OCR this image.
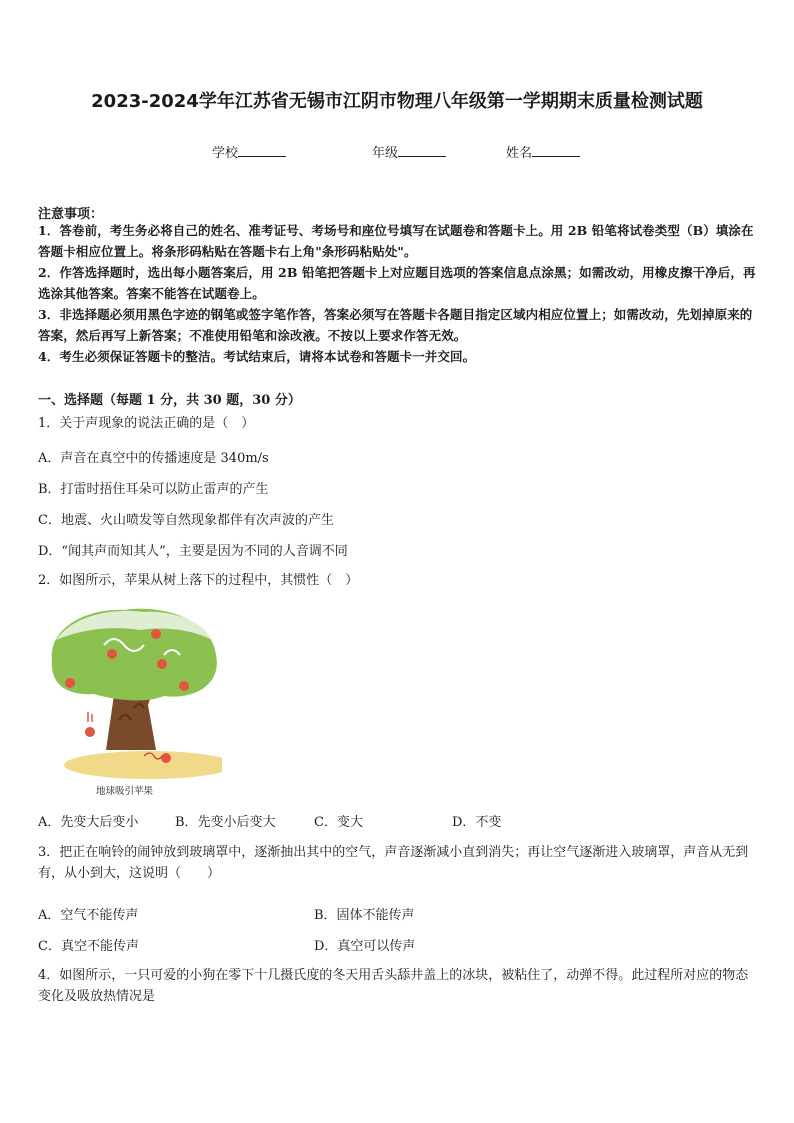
2023-2024学年江苏省无锡市江阴市物理八年级第一学期期末质量检测试题
学校	年级	姓名
注意事项：
1．答卷前，考生务必将自己的姓名、准考证号、考场号和座位号填写在试题卷和答题卡上。用 2B 铅笔将试卷类型（B）填涂在答题卡相应位置上。将条形码粘贴在答题卡右上角"条形码粘贴处"。
2．作答选择题时，选出每小题答案后，用 2B 铅笔把答题卡上对应题目选项的答案信息点涂黑；如需改动，用橡皮擦干净后，再选涂其他答案。答案不能答在试题卷上。
3．非选择题必须用黑色字迹的钢笔或签字笔作答，答案必须写在答题卡各题目指定区域内相应位置上；如需改动，先划掉原来的答案，然后再写上新答案；不准使用铅笔和涂改液。不按以上要求作答无效。
4．考生必须保证答题卡的整洁。考试结束后，请将本试卷和答题卡一并交回。
一、选择题（每题 1 分，共 30 题，30 分）
1．关于声现象的说法正确的是（　）
A．声音在真空中的传播速度是 340m/s
B．打雷时捂住耳朵可以防止雷声的产生
C．地震、火山喷发等自然现象都伴有次声波的产生
D．“闻其声而知其人”，主要是因为不同的人音调不同
2．如图所示，苹果从树上落下的过程中，其惯性（　）
地球吸引苹果
A．先变大后变小	B．先变小后变大	C．变大	D．不变
3．把正在响铃的闹钟放到玻璃罩中，逐渐抽出其中的空气，声音逐渐减小直到消失；再让空气逐渐进入玻璃罩，声音从无到有，从小到大，这说明（　　）
A．空气不能传声	B．固体不能传声
C．真空不能传声	D．真空可以传声
4．如图所示，一只可爱的小狗在零下十几摄氏度的冬天用舌头舔井盖上的冰块，被粘住了，动弹不得。此过程所对应的物态变化及吸放热情况是
